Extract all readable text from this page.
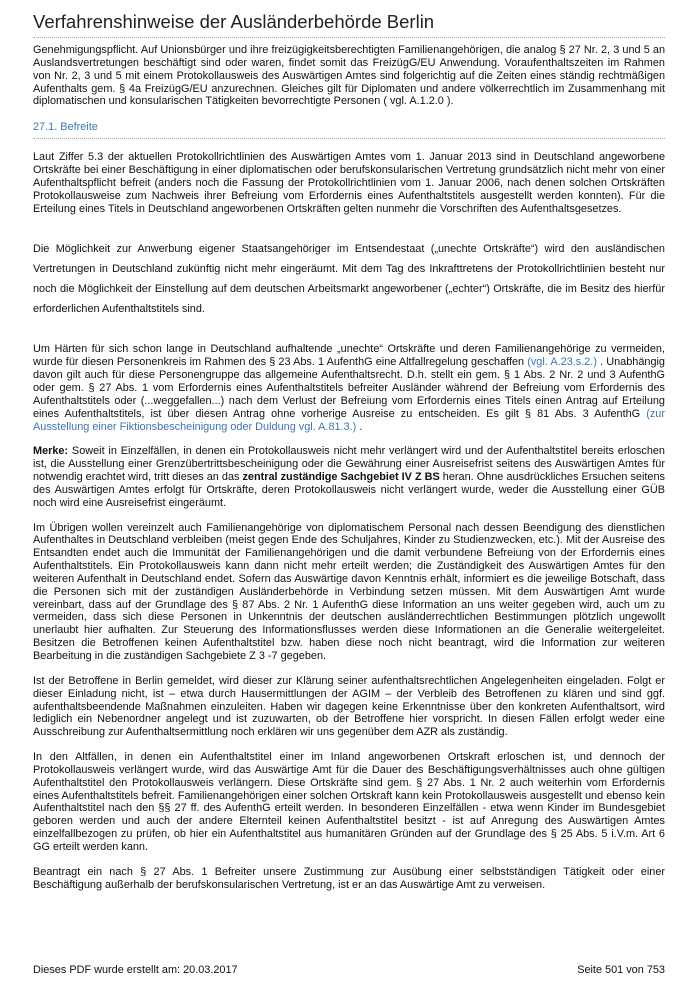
Verfahrenshinweise der Ausländerbehörde Berlin

Genehmigungspflicht. Auf Unionsbürger und ihre freizügigkeitsberechtigten Familienangehörigen, die analog § 27 Nr. 2, 3 und 5 an Auslandsvertretungen beschäftigt sind oder waren, findet somit das FreizügG/EU Anwendung. Voraufenthaltszeiten im Rahmen von Nr. 2, 3 und 5 mit einem Protokollausweis des Auswärtigen Amtes sind folgerichtig auf die Zeiten eines ständig rechtmäßigen Aufenthalts gem. § 4a FreizügG/EU anzurechnen. Gleiches gilt für Diplomaten und andere völkerrechtlich im Zusammenhang mit diplomatischen und konsularischen Tätigkeiten bevorrechtigte Personen ( vgl. A.1.2.0 ).

27.1. Befreite

Laut Ziffer 5.3 der aktuellen Protokollrichtlinien des Auswärtigen Amtes vom 1. Januar 2013 sind in Deutschland angeworbene Ortskräfte bei einer Beschäftigung in einer diplomatischen oder berufskonsularischen Vertretung grundsätzlich nicht mehr von einer Aufenthaltspflicht befreit (anders noch die Fassung der Protokollrichtlinien vom 1. Januar 2006, nach denen solchen Ortskräften Protokollausweise zum Nachweis ihrer Befreiung vom Erfordernis eines Aufenthaltstitels ausgestellt werden konnten). Für die Erteilung eines Titels in Deutschland angeworbenen Ortskräften gelten nunmehr die Vorschriften des Aufenthaltsgesetzes.

Die Möglichkeit zur Anwerbung eigener Staatsangehöriger im Entsendestaat („unechte Ortskräfte“) wird den ausländischen Vertretungen in Deutschland zukünftig nicht mehr eingeräumt. Mit dem Tag des Inkrafttretens der Protokollrichtlinien besteht nur noch die Möglichkeit der Einstellung auf dem deutschen Arbeitsmarkt angeworbener („echter“) Ortskräfte, die im Besitz des hierfür erforderlichen Aufenthaltstitels sind.

Um Härten für sich schon lange in Deutschland aufhaltende „unechte“ Ortskräfte und deren Familienangehörige zu vermeiden, wurde für diesen Personenkreis im Rahmen des § 23 Abs. 1 AufenthG eine Altfallregelung geschaffen (vgl. A.23.s.2.) . Unabhängig davon gilt auch für diese Personengruppe das allgemeine Aufenthaltsrecht. D.h. stellt ein gem. § 1 Abs. 2 Nr. 2 und 3 AufenthG oder gem. § 27 Abs. 1 vom Erfordernis eines Aufenthaltstitels befreiter Ausländer während der Befreiung vom Erfordernis des Aufenthaltstitels oder (...weggefallen...) nach dem Verlust der Befreiung vom Erfordernis eines Titels einen Antrag auf Erteilung eines Aufenthaltstitels, ist über diesen Antrag ohne vorherige Ausreise zu entscheiden. Es gilt § 81 Abs. 3 AufenthG (zur Ausstellung einer Fiktionsbescheinigung oder Duldung vgl. A.81.3.) .

Merke: Soweit in Einzelfällen, in denen ein Protokollausweis nicht mehr verlängert wird und der Aufenthaltstitel bereits erloschen ist, die Ausstellung einer Grenzübertrittsbescheinigung oder die Gewährung einer Ausreisefrist seitens des Auswärtigen Amtes für notwendig erachtet wird, tritt dieses an das zentral zuständige Sachgebiet IV Z BS heran. Ohne ausdrückliches Ersuchen seitens des Auswärtigen Amtes erfolgt für Ortskräfte, deren Protokollausweis nicht verlängert wurde, weder die Ausstellung einer GÜB noch wird eine Ausreisefrist eingeräumt.

Im Übrigen wollen vereinzelt auch Familienangehörige von diplomatischem Personal nach dessen Beendigung des dienstlichen Aufenthaltes in Deutschland verbleiben (meist gegen Ende des Schuljahres, Kinder zu Studienzwecken, etc.). Mit der Ausreise des Entsandten endet auch die Immunität der Familienangehörigen und die damit verbundene Befreiung von der Erfordernis eines Aufenthaltstitels. Ein Protokollausweis kann dann nicht mehr erteilt werden; die Zuständigkeit des Auswärtigen Amtes für den weiteren Aufenthalt in Deutschland endet. Sofern das Auswärtige davon Kenntnis erhält, informiert es die jeweilige Botschaft, dass die Personen sich mit der zuständigen Ausländerbehörde in Verbindung setzen müssen. Mit dem Auswärtigen Amt wurde vereinbart, dass auf der Grundlage des § 87 Abs. 2 Nr. 1 AufenthG diese Information an uns weiter gegeben wird, auch um zu vermeiden, dass sich diese Personen in Unkenntnis der deutschen ausländerrechtlichen Bestimmungen plötzlich ungewollt unerlaubt hier aufhalten. Zur Steuerung des Informationsflusses werden diese Informationen an die Generalie weitergeleitet. Besitzen die Betroffenen keinen Aufenthaltstitel bzw. haben diese noch nicht beantragt, wird die Information zur weiteren Bearbeitung in die zuständigen Sachgebiete Z 3 -7 gegeben.

Ist der Betroffene in Berlin gemeldet, wird dieser zur Klärung seiner aufenthaltsrechtlichen Angelegenheiten eingeladen. Folgt er dieser Einladung nicht, ist – etwa durch Hausermittlungen der AGIM – der Verbleib des Betroffenen zu klären und sind ggf. aufenthaltsbeendende Maßnahmen einzuleiten. Haben wir dagegen keine Erkenntnisse über den konkreten Aufenthaltsort, wird lediglich ein Nebenordner angelegt und ist zuzuwarten, ob der Betroffene hier vorspricht. In diesen Fällen erfolgt weder eine Ausschreibung zur Aufenthaltsermittlung noch erklären wir uns gegenüber dem AZR als zuständig.

In den Altfällen, in denen ein Aufenthaltstitel einer im Inland angeworbenen Ortskraft erloschen ist, und dennoch der Protokollausweis verlängert wurde, wird das Auswärtige Amt für die Dauer des Beschäftigungsverhältnisses auch ohne gültigen Aufenthaltstitel den Protokollausweis verlängern. Diese Ortskräfte sind gem. § 27 Abs. 1 Nr. 2 auch weiterhin vom Erfordernis eines Aufenthaltstitels befreit. Familienangehörigen einer solchen Ortskraft kann kein Protokollausweis ausgestellt und ebenso kein Aufenthaltstitel nach den §§ 27 ff. des AufenthG erteilt werden. In besonderen Einzelfällen - etwa wenn Kinder im Bundesgebiet geboren werden und auch der andere Elternteil keinen Aufenthaltstitel besitzt - ist auf Anregung des Auswärtigen Amtes einzelfallbezogen zu prüfen, ob hier ein Aufenthaltstitel aus humanitären Gründen auf der Grundlage des § 25 Abs. 5 i.V.m. Art 6 GG erteilt werden kann.

Beantragt ein nach § 27 Abs. 1 Befreiter unsere Zustimmung zur Ausübung einer selbstständigen Tätigkeit oder einer Beschäftigung außerhalb der berufskonsularischen Vertretung, ist er an das Auswärtige Amt zu verweisen.

Dieses PDF wurde erstellt am: 20.03.2017	Seite 501 von 753
